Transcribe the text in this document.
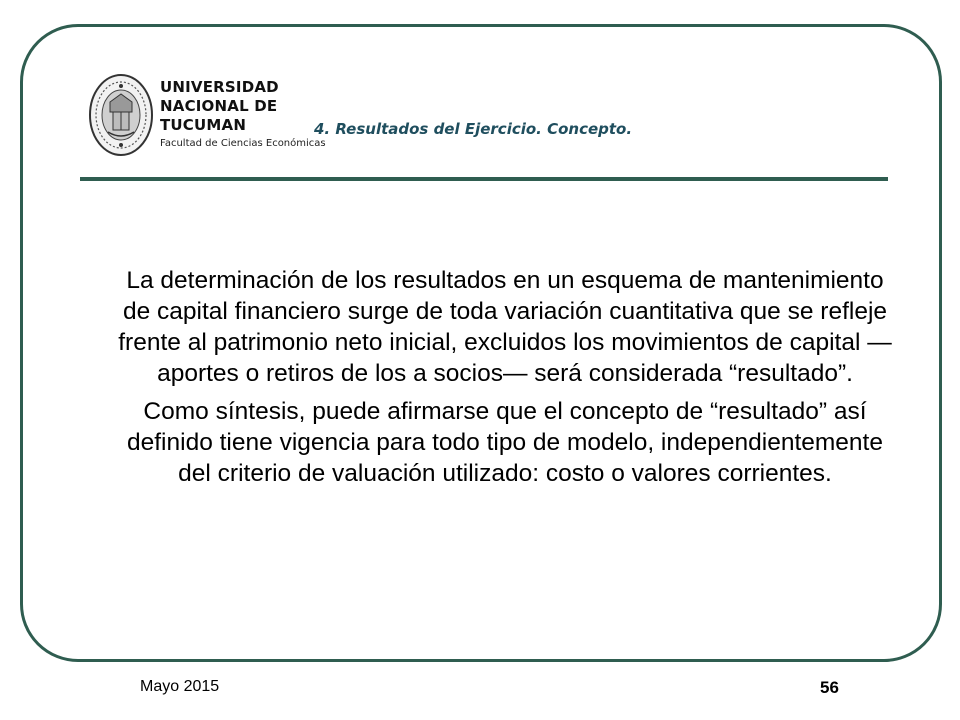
UNIVERSIDAD
NACIONAL DE
TUCUMAN
Facultad de Ciencias Económicas
4. Resultados del Ejercicio. Concepto.

La determinación de los resultados en un esquema de mantenimiento de capital financiero surge de toda variación cuantitativa que se refleje frente al patrimonio neto inicial, excluidos los movimientos de capital — aportes o retiros de los a socios— será considerada “resultado”.

Como síntesis, puede afirmarse que el concepto de “resultado” así definido tiene vigencia para todo tipo de modelo, independientemente del criterio de valuación utilizado: costo o valores corrientes.

Mayo 2015	56
